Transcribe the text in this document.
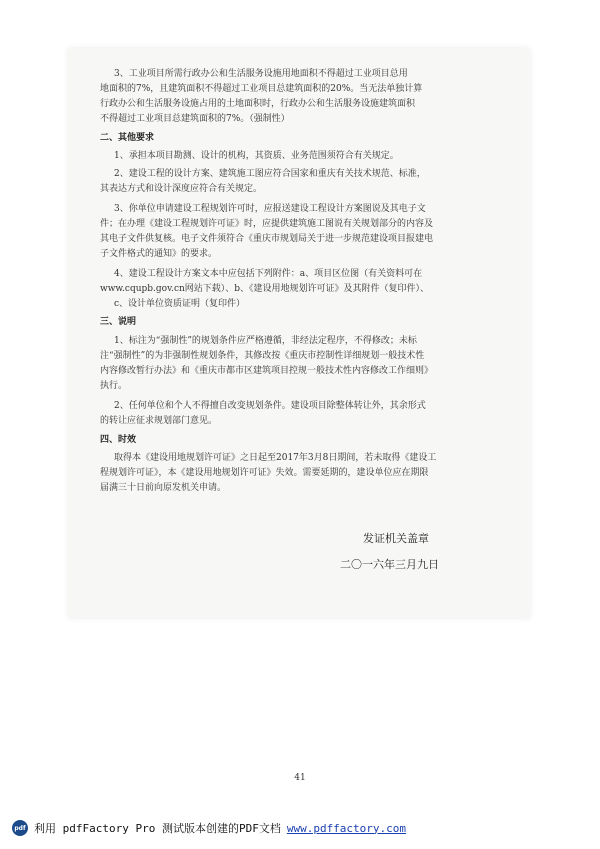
3、工业项目所需行政办公和生活服务设施用地面积不得超过工业项目总用
地面积的7%，且建筑面积不得超过工业项目总建筑面积的20%。当无法单独计算
行政办公和生活服务设施占用的土地面积时，行政办公和生活服务设施建筑面积
不得超过工业项目总建筑面积的7%。（强制性）
二、其他要求
1、承担本项目勘测、设计的机构，其资质、业务范围须符合有关规定。
2、建设工程的设计方案、建筑施工图应符合国家和重庆有关技术规范、标准，
其表达方式和设计深度应符合有关规定。
3、你单位申请建设工程规划许可时，应报送建设工程设计方案图说及其电子文
件；在办理《建设工程规划许可证》时，应提供建筑施工图说有关规划部分的内容及
其电子文件供复核。电子文件须符合《重庆市规划局关于进一步规范建设项目报建电
子文件格式的通知》的要求。
4、建设工程设计方案文本中应包括下列附件：a、项目区位图（有关资料可在
www.cqupb.gov.cn网站下载）、b、《建设用地规划许可证》及其附件（复印件）、
c、设计单位资质证明（复印件）
三、说明
1、标注为“强制性”的规划条件应严格遵循，非经法定程序，不得修改；未标
注“强制性”的为非强制性规划条件，其修改按《重庆市控制性详细规划一般技术性
内容修改暂行办法》和《重庆市都市区建筑项目控规一般技术性内容修改工作细则》
执行。
2、任何单位和个人不得擅自改变规划条件。建设项目除整体转让外，其余形式
的转让应征求规划部门意见。
四、时效
取得本《建设用地规划许可证》之日起至2017年3月8日期间，若未取得《建设工
程规划许可证》，本《建设用地规划许可证》失效。需要延期的，建设单位应在期限
届满三十日前向原发机关申请。
发证机关盖章
二〇一六年三月九日
41
pdf 利用 pdfFactory Pro 测试版本创建的PDF文档 www.pdffactory.com
